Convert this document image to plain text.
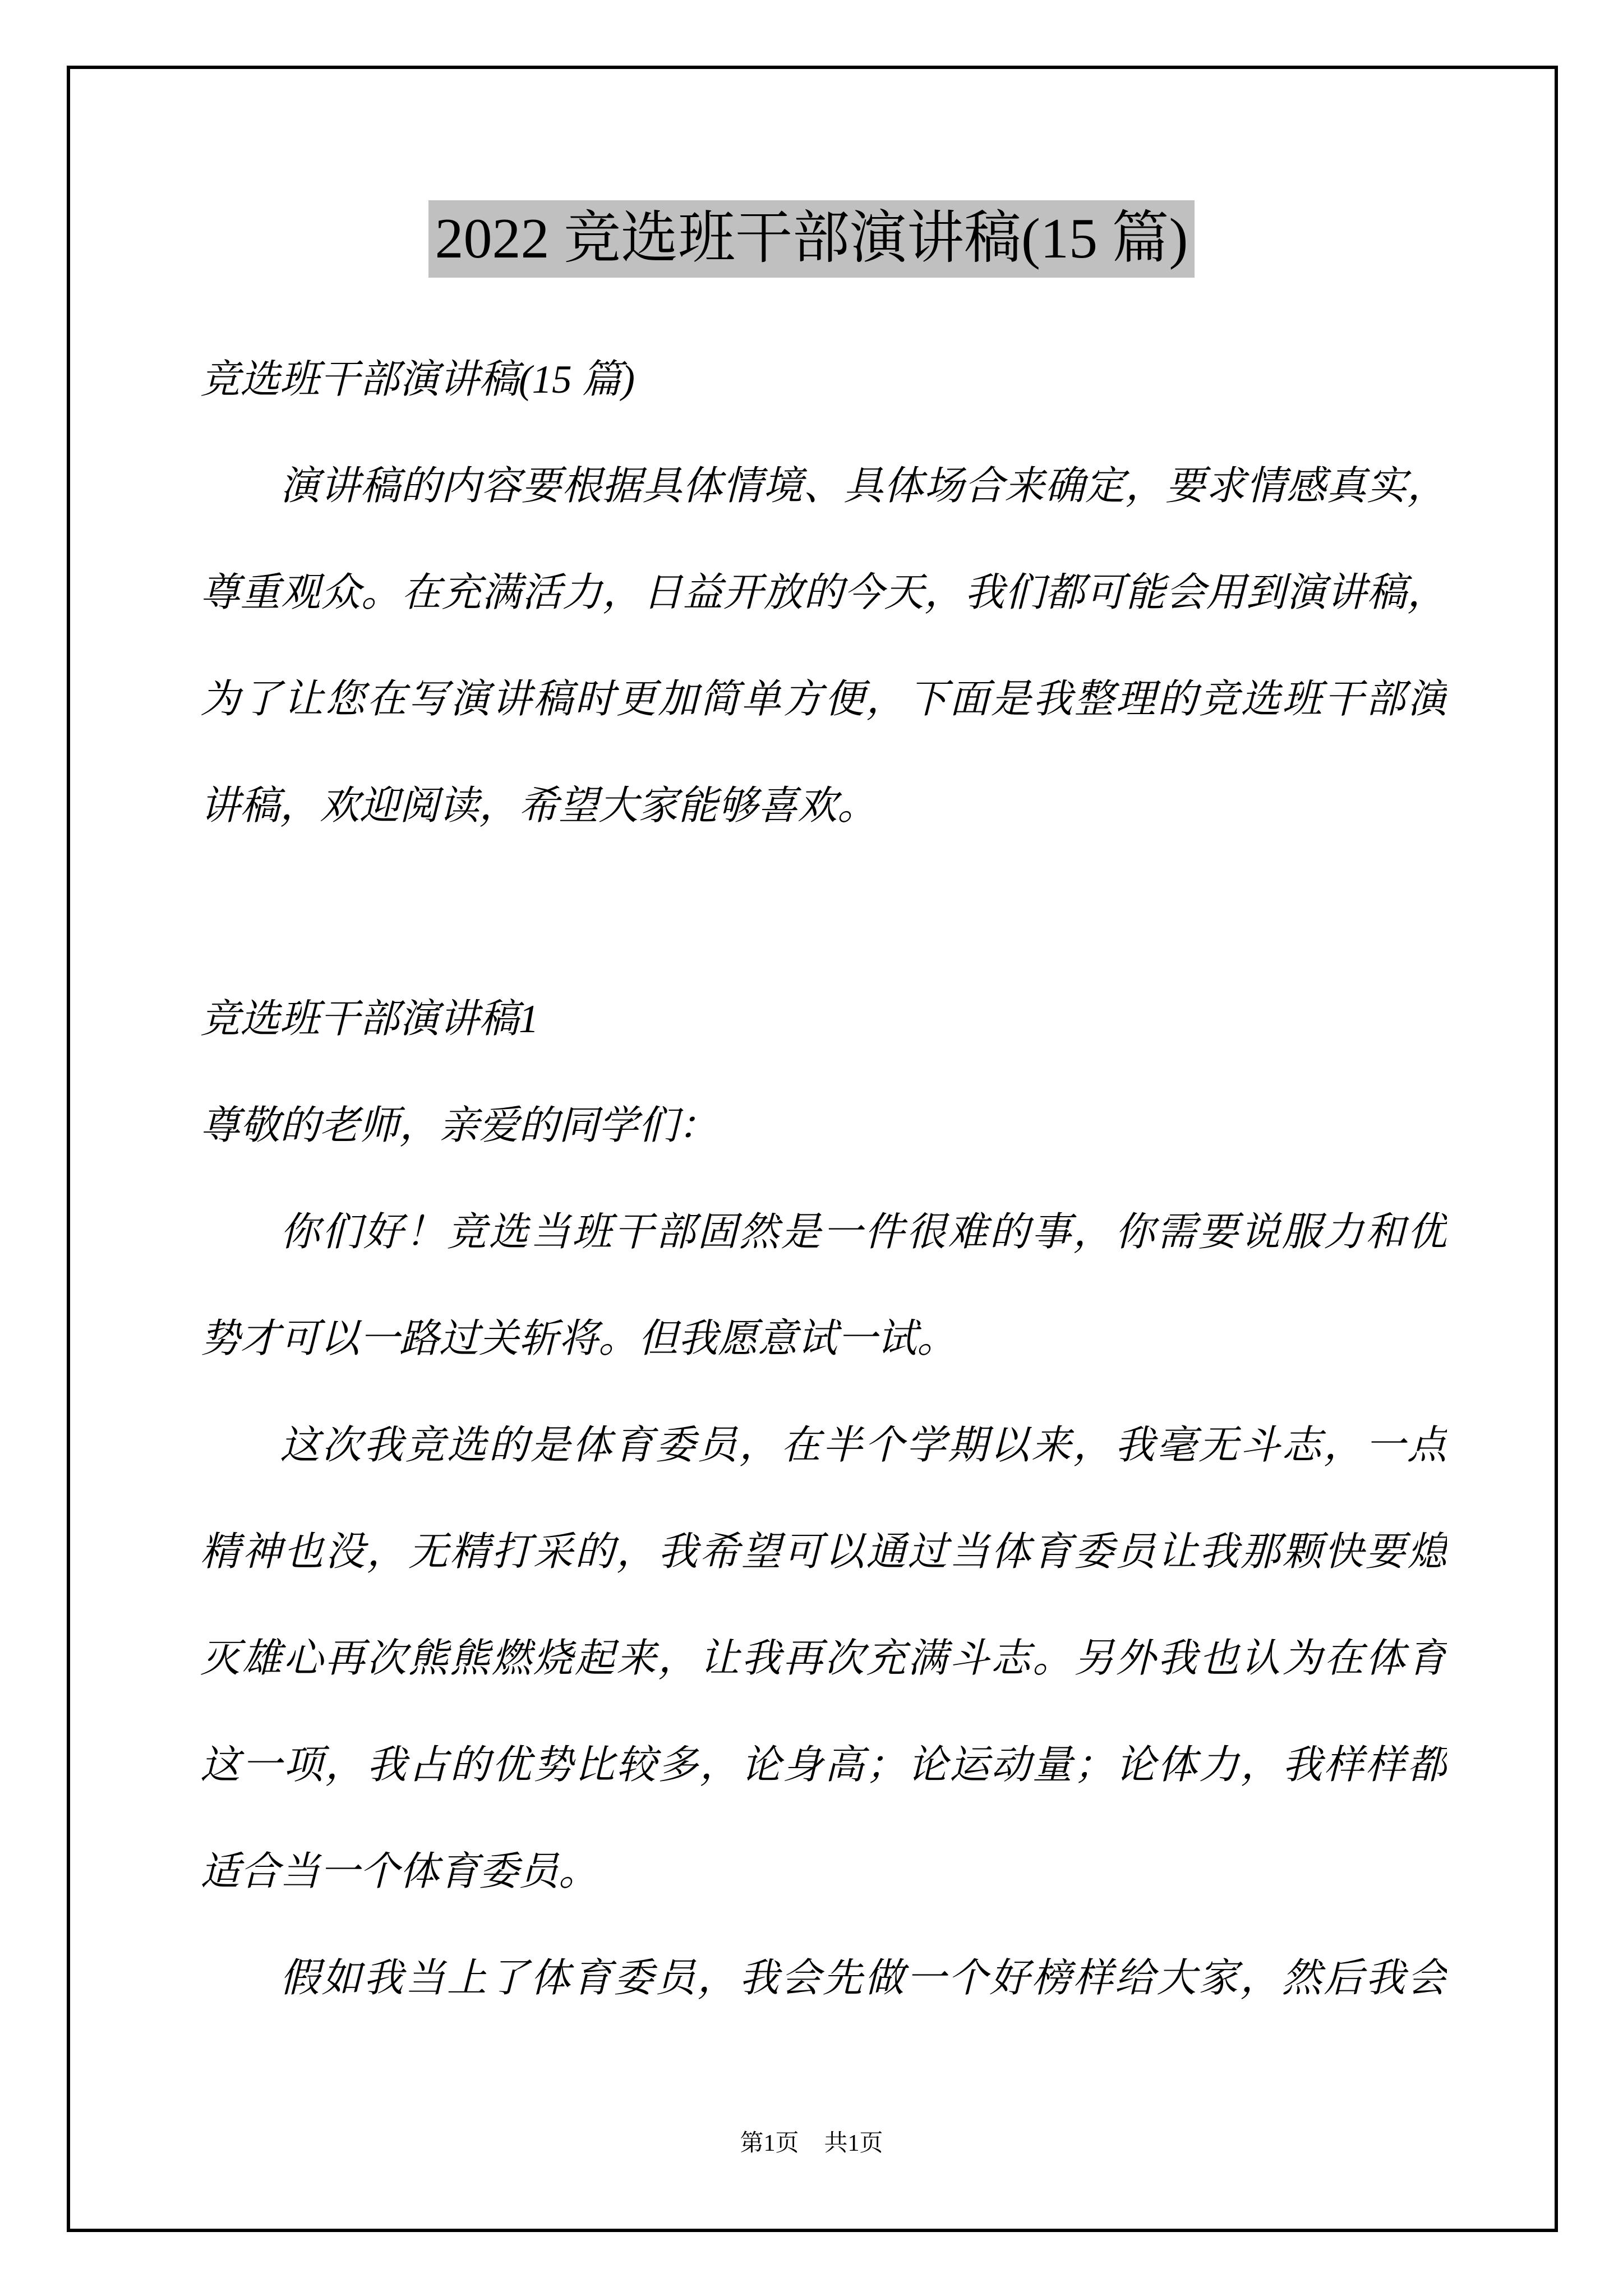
2022 竞选班干部演讲稿(15 篇)
竞选班干部演讲稿(15 篇)
演讲稿的内容要根据具体情境、具体场合来确定，要求情感真实，
尊重观众。在充满活力，日益开放的今天，我们都可能会用到演讲稿，
为了让您在写演讲稿时更加简单方便，下面是我整理的竞选班干部演
讲稿，欢迎阅读，希望大家能够喜欢。
竞选班干部演讲稿1
尊敬的老师，亲爱的同学们：
你们好！竞选当班干部固然是一件很难的事，你需要说服力和优
势才可以一路过关斩将。但我愿意试一试。
这次我竞选的是体育委员，在半个学期以来，我毫无斗志，一点
精神也没，无精打采的，我希望可以通过当体育委员让我那颗快要熄
灭雄心再次熊熊燃烧起来，让我再次充满斗志。另外我也认为在体育
这一项，我占的优势比较多，论身高；论运动量；论体力，我样样都
适合当一个体育委员。
假如我当上了体育委员，我会先做一个好榜样给大家，然后我会
第1页 共1页
